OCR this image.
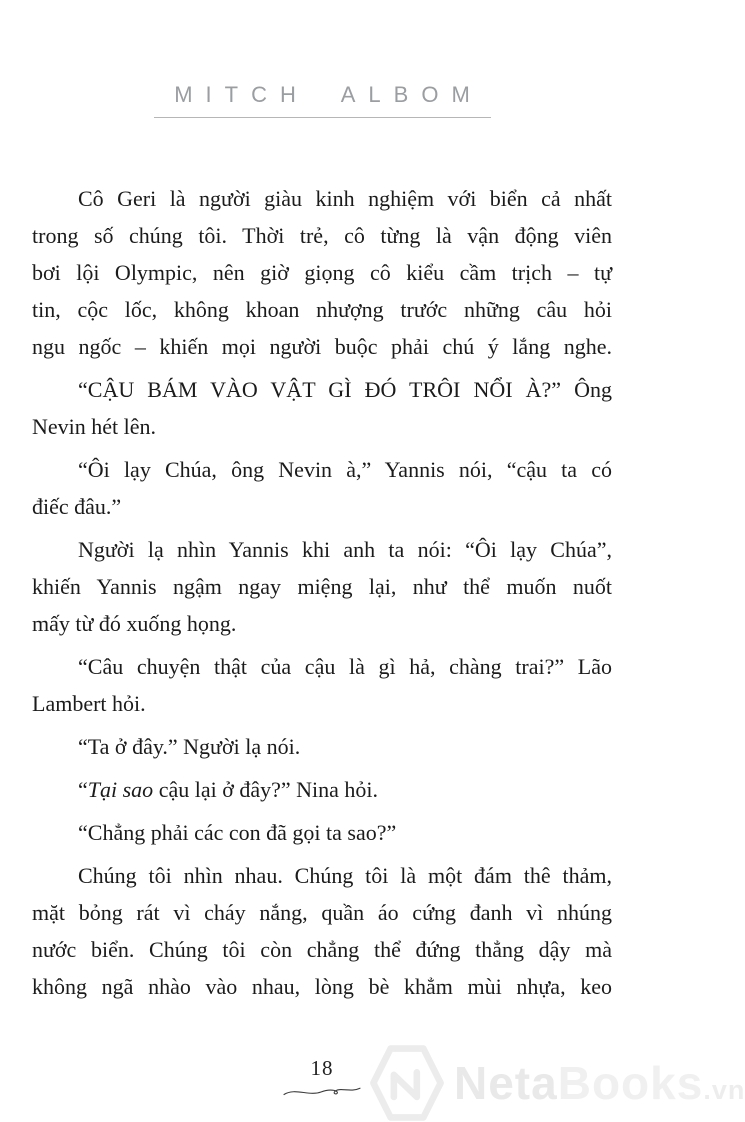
MITCH ALBOM

Cô Geri là người giàu kinh nghiệm với biển cả nhất
trong số chúng tôi. Thời trẻ, cô từng là vận động viên
bơi lội Olympic, nên giờ giọng cô kiểu cầm trịch – tự
tin, cộc lốc, không khoan nhượng trước những câu hỏi
ngu ngốc – khiến mọi người buộc phải chú ý lắng nghe.

“CẬU BÁM VÀO VẬT GÌ ĐÓ TRÔI NỔI À?” Ông
Nevin hét lên.

“Ôi lạy Chúa, ông Nevin à,” Yannis nói, “cậu ta có
điếc đâu.”

Người lạ nhìn Yannis khi anh ta nói: “Ôi lạy Chúa”,
khiến Yannis ngậm ngay miệng lại, như thể muốn nuốt
mấy từ đó xuống họng.

“Câu chuyện thật của cậu là gì hả, chàng trai?” Lão
Lambert hỏi.

“Ta ở đây.” Người lạ nói.

“Tại sao cậu lại ở đây?” Nina hỏi.

“Chẳng phải các con đã gọi ta sao?”

Chúng tôi nhìn nhau. Chúng tôi là một đám thê thảm,
mặt bỏng rát vì cháy nắng, quần áo cứng đanh vì nhúng
nước biển. Chúng tôi còn chẳng thể đứng thẳng dậy mà
không ngã nhào vào nhau, lòng bè khẳm mùi nhựa, keo

18	NetaBooks.vn
